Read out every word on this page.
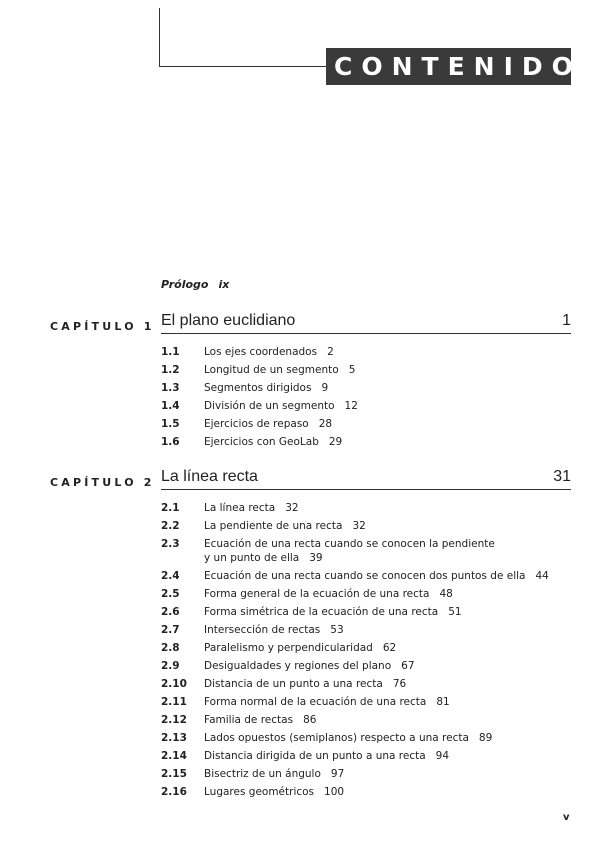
CONTENIDO
Prólogo ix
CAPÍTULO 1 El plano euclidiano	1
1.1	Los ejes coordenados 2
1.2	Longitud de un segmento 5
1.3	Segmentos dirigidos 9
1.4	División de un segmento 12
1.5	Ejercicios de repaso 28
1.6	Ejercicios con GeoLab 29
CAPÍTULO 2 La línea recta	31
2.1	La línea recta 32
2.2	La pendiente de una recta 32
2.3	Ecuación de una recta cuando se conocen la pendiente
y un punto de ella 39
2.4	Ecuación de una recta cuando se conocen dos puntos de ella 44
2.5	Forma general de la ecuación de una recta 48
2.6	Forma simétrica de la ecuación de una recta 51
2.7	Intersección de rectas 53
2.8	Paralelismo y perpendicularidad 62
2.9	Desigualdades y regiones del plano 67
2.10	Distancia de un punto a una recta 76
2.11	Forma normal de la ecuación de una recta 81
2.12	Familia de rectas 86
2.13	Lados opuestos (semiplanos) respecto a una recta 89
2.14	Distancia dirigida de un punto a una recta 94
2.15	Bisectriz de un ángulo 97
2.16	Lugares geométricos 100
v
